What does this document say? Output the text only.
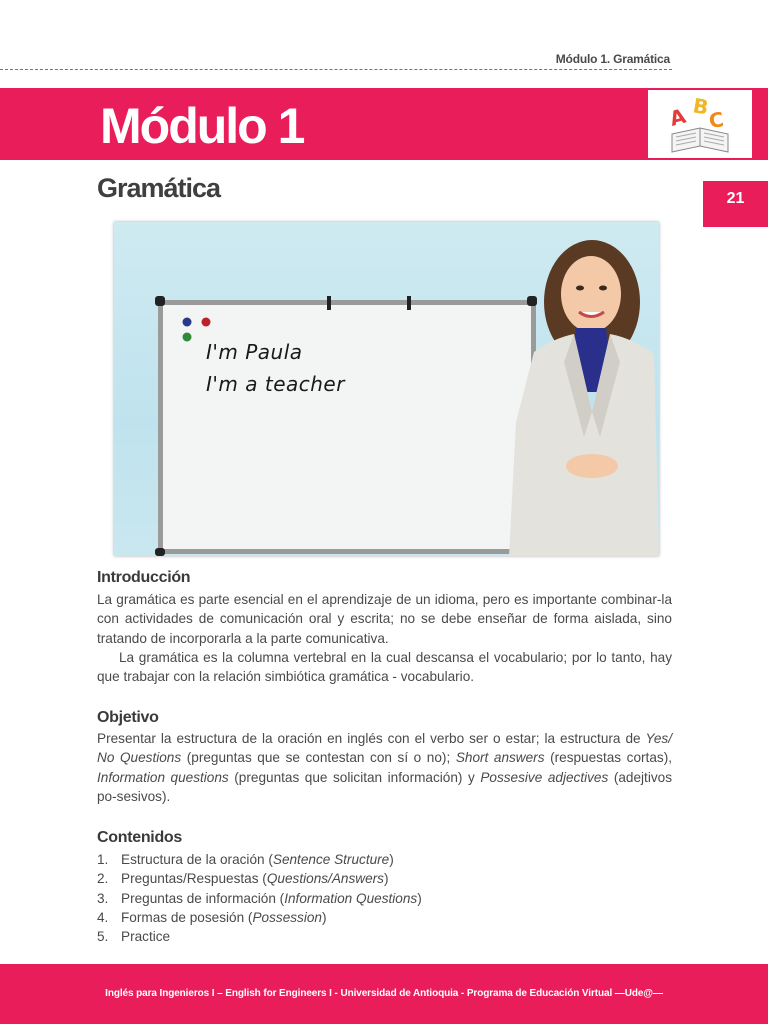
Módulo 1. Gramática
Módulo 1	A B
C
21
Gramática
I'm Paula
I'm a teacher
Introducción
La gramática es parte esencial en el aprendizaje de un idioma, pero es importante combinar-la con actividades de comunicación oral y escrita; no se debe enseñar de forma aislada, sino tratando de incorporarla a la parte comunicativa.
La gramática es la columna vertebral en la cual descansa el vocabulario; por lo tanto, hay que trabajar con la relación simbiótica gramática - vocabulario.
Objetivo
Presentar la estructura de la oración en inglés con el verbo ser o estar; la estructura de Yes/ No Questions (preguntas que se contestan con sí o no); Short answers (respuestas cortas), Information questions (preguntas que solicitan información) y Possesive adjectives (adejtivos po-sesivos).
Contenidos
1. Estructura de la oración (Sentence Structure)
2. Preguntas/Respuestas (Questions/Answers)
3. Preguntas de información (Information Questions)
4. Formas de posesión (Possession)
5. Practice
Inglés para Ingenieros I – English for Engineers I - Universidad de Antioquia - Programa de Educación Virtual —Ude@—
